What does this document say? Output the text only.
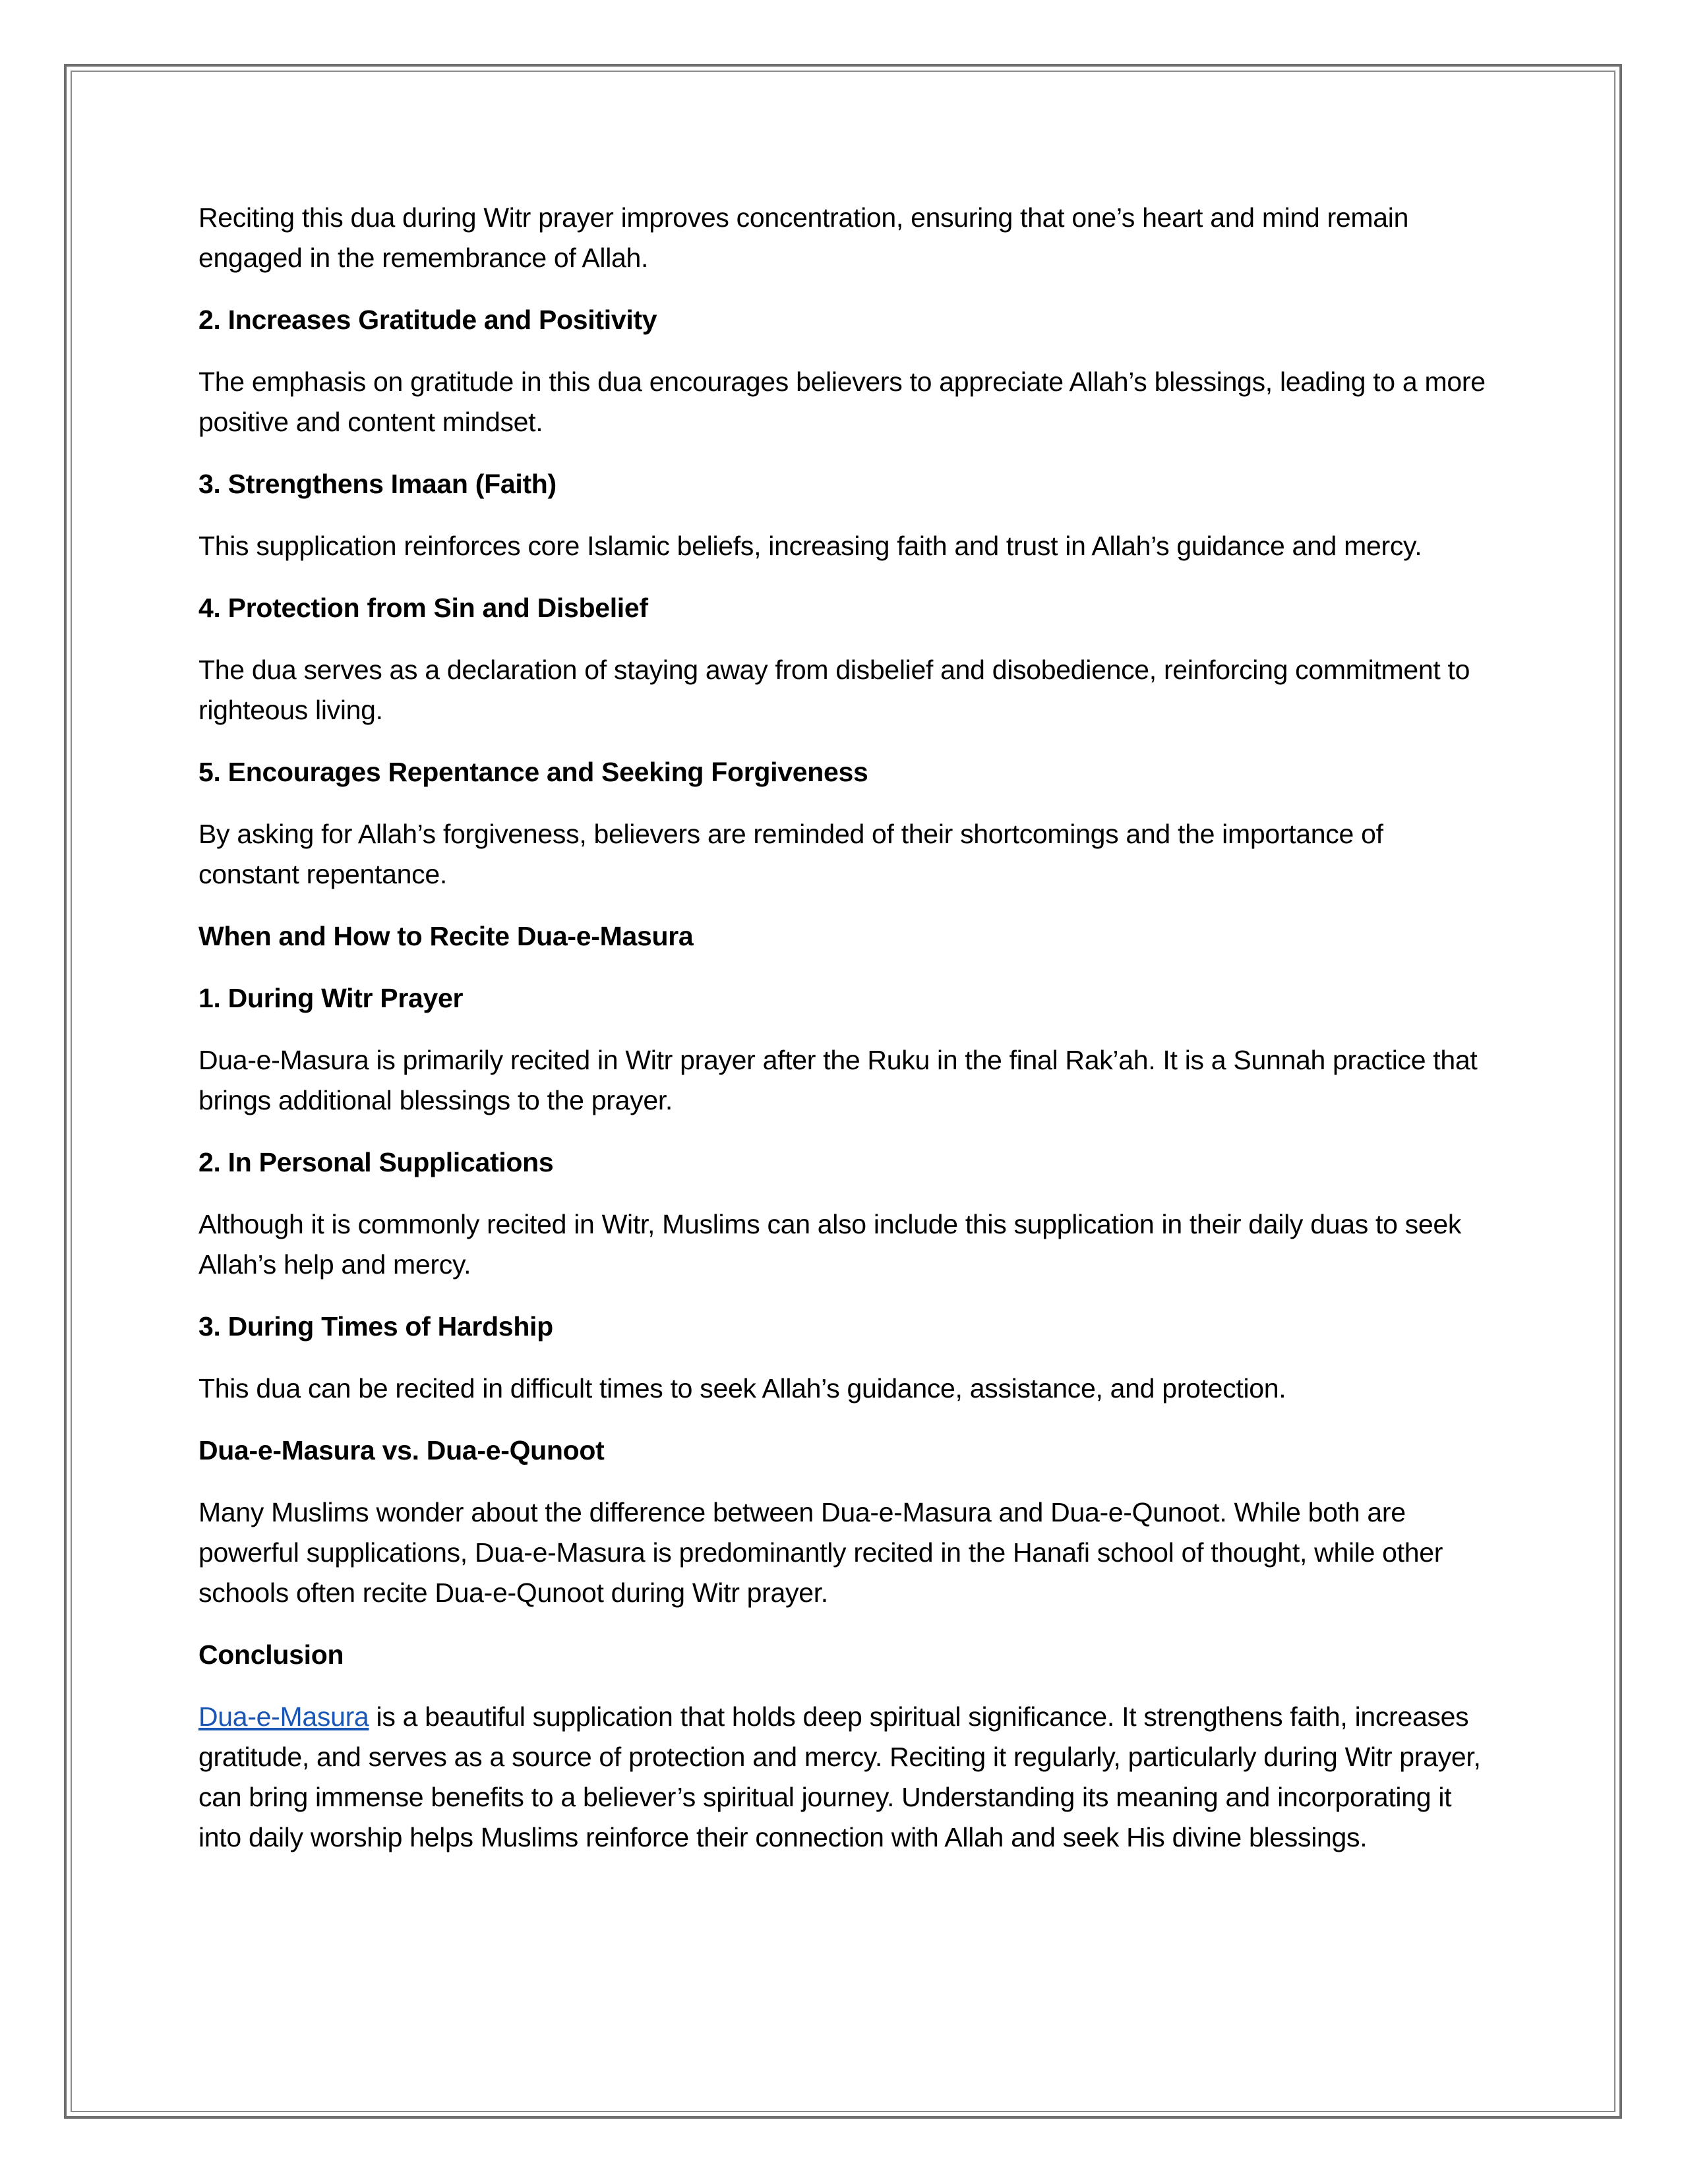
Reciting this dua during Witr prayer improves concentration, ensuring that one’s heart and mind remain engaged in the remembrance of Allah.

2. Increases Gratitude and Positivity

The emphasis on gratitude in this dua encourages believers to appreciate Allah’s blessings, leading to a more positive and content mindset.

3. Strengthens Imaan (Faith)

This supplication reinforces core Islamic beliefs, increasing faith and trust in Allah’s guidance and mercy.

4. Protection from Sin and Disbelief

The dua serves as a declaration of staying away from disbelief and disobedience, reinforcing commitment to righteous living.

5. Encourages Repentance and Seeking Forgiveness

By asking for Allah’s forgiveness, believers are reminded of their shortcomings and the importance of constant repentance.

When and How to Recite Dua-e-Masura

1. During Witr Prayer

Dua-e-Masura is primarily recited in Witr prayer after the Ruku in the final Rak’ah. It is a Sunnah practice that brings additional blessings to the prayer.

2. In Personal Supplications

Although it is commonly recited in Witr, Muslims can also include this supplication in their daily duas to seek Allah’s help and mercy.

3. During Times of Hardship

This dua can be recited in difficult times to seek Allah’s guidance, assistance, and protection.

Dua-e-Masura vs. Dua-e-Qunoot

Many Muslims wonder about the difference between Dua-e-Masura and Dua-e-Qunoot. While both are powerful supplications, Dua-e-Masura is predominantly recited in the Hanafi school of thought, while other schools often recite Dua-e-Qunoot during Witr prayer.

Conclusion

Dua-e-Masura is a beautiful supplication that holds deep spiritual significance. It strengthens faith, increases gratitude, and serves as a source of protection and mercy. Reciting it regularly, particularly during Witr prayer, can bring immense benefits to a believer’s spiritual journey. Understanding its meaning and incorporating it into daily worship helps Muslims reinforce their connection with Allah and seek His divine blessings.
